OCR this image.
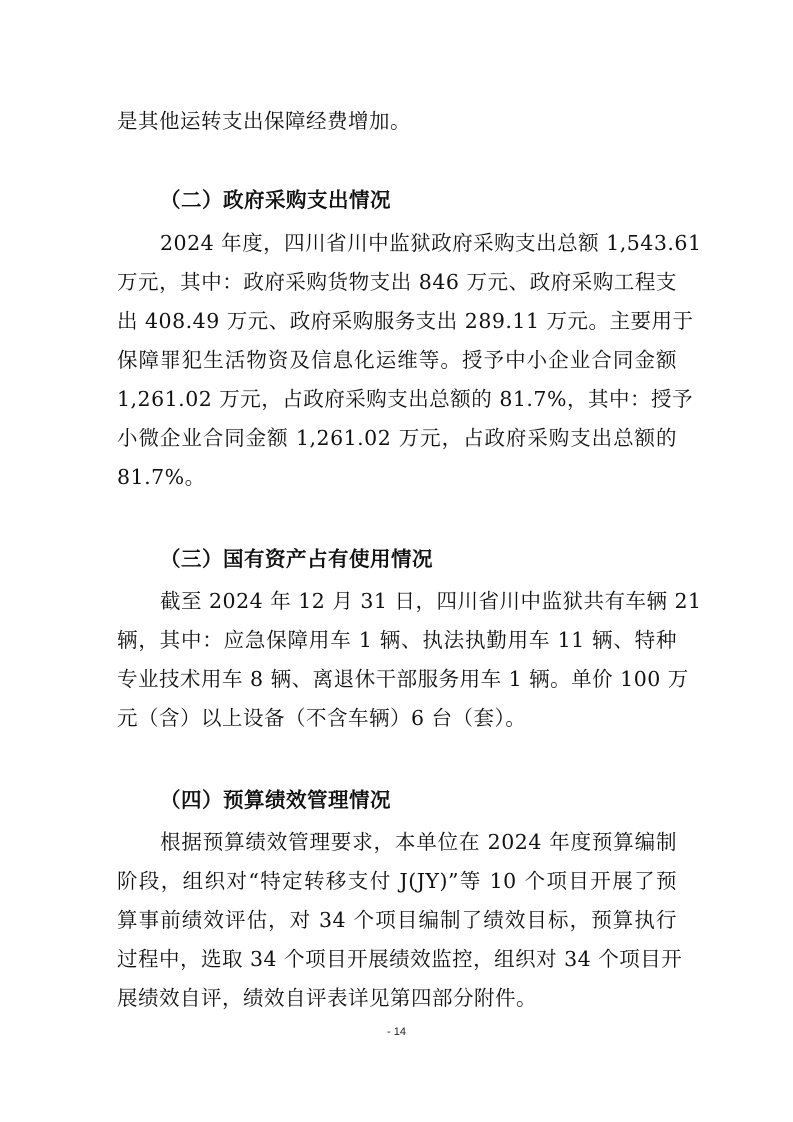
是其他运转支出保障经费增加。
（二）政府采购支出情况
2024 年度，四川省川中监狱政府采购支出总额 1,543.61
万元，其中：政府采购货物支出 846 万元、政府采购工程支
出 408.49 万元、政府采购服务支出 289.11 万元。主要用于
保障罪犯生活物资及信息化运维等。授予中小企业合同金额
1,261.02 万元，占政府采购支出总额的 81.7%，其中：授予
小微企业合同金额 1,261.02 万元，占政府采购支出总额的
81.7%。
（三）国有资产占有使用情况
截至 2024 年 12 月 31 日，四川省川中监狱共有车辆 21
辆，其中：应急保障用车 1 辆、执法执勤用车 11 辆、特种
专业技术用车 8 辆、离退休干部服务用车 1 辆。单价 100 万
元（含）以上设备（不含车辆）6 台（套）。
（四）预算绩效管理情况
根据预算绩效管理要求，本单位在 2024 年度预算编制
阶段，组织对“特定转移支付 J(JY)”等 10 个项目开展了预
算事前绩效评估，对 34 个项目编制了绩效目标，预算执行
过程中，选取 34 个项目开展绩效监控，组织对 34 个项目开
展绩效自评，绩效自评表详见第四部分附件。
- 14
